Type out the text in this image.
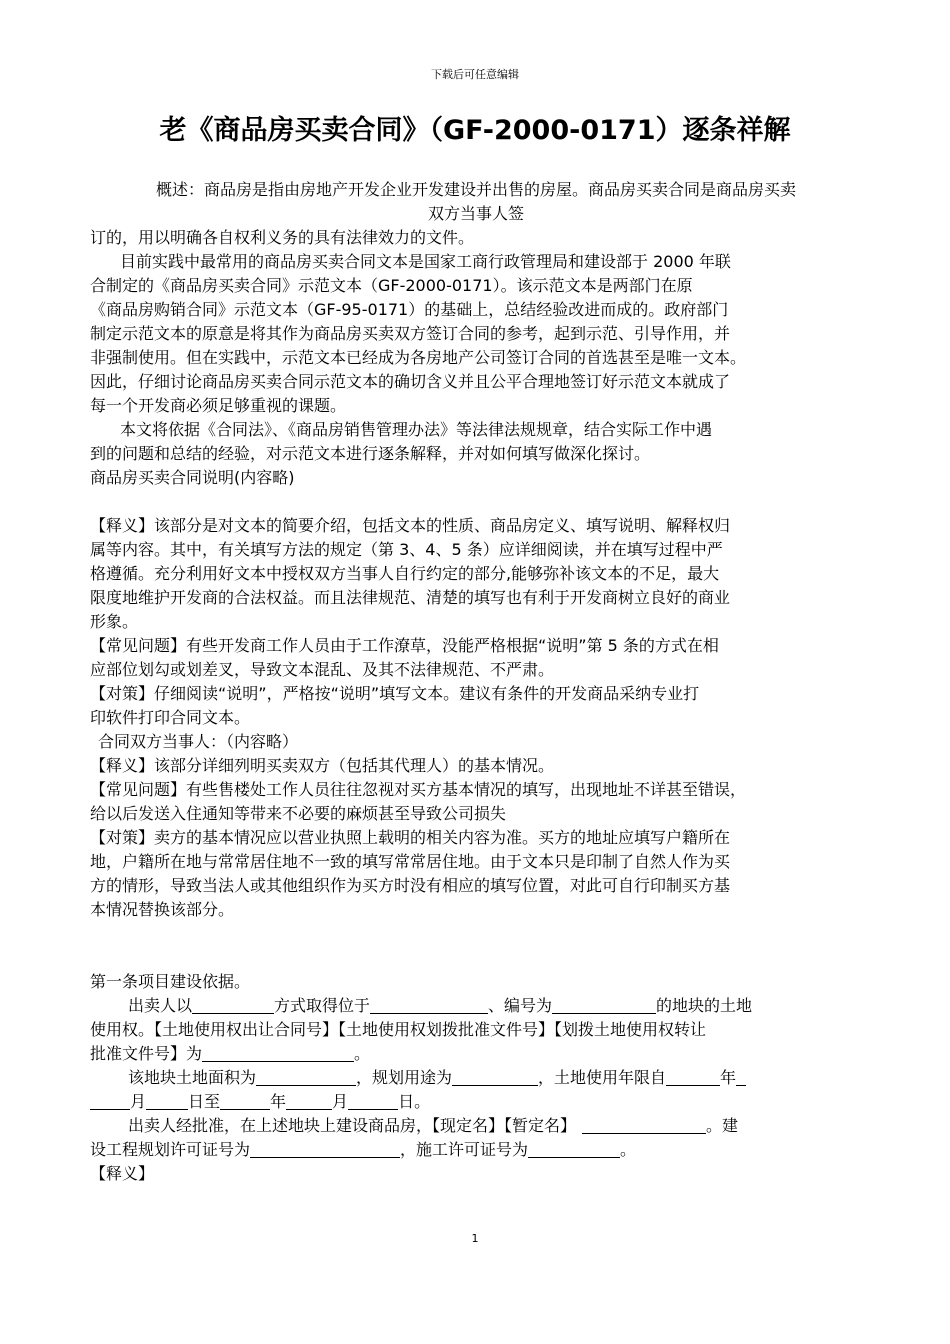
下载后可任意编辑
老《商品房买卖合同》（GF-2000-0171）逐条祥解
概述：商品房是指由房地产开发企业开发建设并出售的房屋。商品房买卖合同是商品房买卖
双方当事人签
订的，用以明确各自权利义务的具有法律效力的文件。
目前实践中最常用的商品房买卖合同文本是国家工商行政管理局和建设部于 2000 年联
合制定的《商品房买卖合同》示范文本（GF-2000-0171）。该示范文本是两部门在原
《商品房购销合同》示范文本（GF-95-0171）的基础上，总结经验改进而成的。政府部门
制定示范文本的原意是将其作为商品房买卖双方签订合同的参考，起到示范、引导作用，并
非强制使用。但在实践中，示范文本已经成为各房地产公司签订合同的首选甚至是唯一文本。
因此，仔细讨论商品房买卖合同示范文本的确切含义并且公平合理地签订好示范文本就成了
每一个开发商必须足够重视的课题。
本文将依据《合同法》、《商品房销售管理办法》等法律法规规章，结合实际工作中遇
到的问题和总结的经验，对示范文本进行逐条解释，并对如何填写做深化探讨。
商品房买卖合同说明(内容略)
【释义】该部分是对文本的简要介绍，包括文本的性质、商品房定义、填写说明、解释权归
属等内容。其中，有关填写方法的规定（第 3、4、5 条）应详细阅读，并在填写过程中严
格遵循。充分利用好文本中授权双方当事人自行约定的部分,能够弥补该文本的不足，最大
限度地维护开发商的合法权益。而且法律规范、清楚的填写也有利于开发商树立良好的商业
形象。
【常见问题】有些开发商工作人员由于工作潦草，没能严格根据“说明”第 5 条的方式在相
应部位划勾或划差叉，导致文本混乱、及其不法律规范、不严肃。
【对策】仔细阅读“说明”，严格按“说明”填写文本。建议有条件的开发商品采纳专业打
印软件打印合同文本。
合同双方当事人：（内容略）
【释义】该部分详细列明买卖双方（包括其代理人）的基本情况。
【常见问题】有些售楼处工作人员往往忽视对买方基本情况的填写，出现地址不详甚至错误，
给以后发送入住通知等带来不必要的麻烦甚至导致公司损失
【对策】卖方的基本情况应以营业执照上载明的相关内容为准。买方的地址应填写户籍所在
地，户籍所在地与常常居住地不一致的填写常常居住地。由于文本只是印制了自然人作为买
方的情形，导致当法人或其他组织作为买方时没有相应的填写位置，对此可自行印制买方基
本情况替换该部分。
第一条项目建设依据。
出卖人以	方式取得位于	、编号为	的地块的土地
使用权。【土地使用权出让合同号】【土地使用权划拨批准文件号】【划拨土地使用权转让
批准文件号】为	。
该地块土地面积为	，规划用途为	，土地使用年限自	年
月	日至	年	月	日。
出卖人经批准，在上述地块上建设商品房，【现定名】【暂定名】	。建
设工程规划许可证号为	，施工许可证号为	。
【释义】
1
